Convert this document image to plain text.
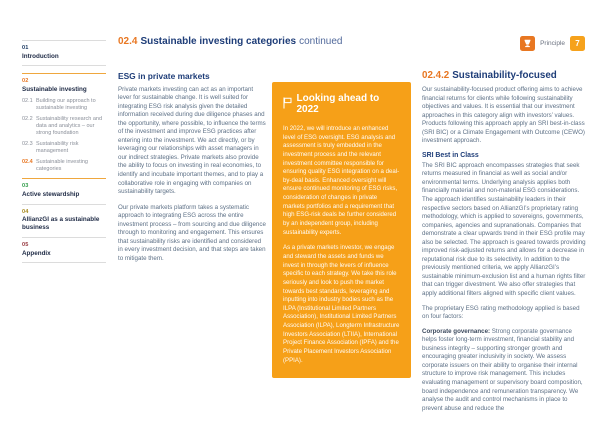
01
Introduction
02
Sustainable investing
02.1 Building our approach to sustainable investing
02.2 Sustainability research and data and analytics – our strong foundation
02.3 Sustainability risk management
02.4 Sustainable investing categories
03
Active stewardship
04
AllianzGI as a sustainable business
05
Appendix
02.4 Sustainable investing categories continued	Principle	7
ESG in private markets

Private markets investing can act as an important lever for sustainable change. It is well suited for integrating ESG risk analysis given the detailed information received during due diligence phases and the opportunity, where possible, to influence the terms of the investment and improve ESG practices after entering into the investment. We act directly, or by leveraging our relationships with asset managers in our indirect strategies. Private markets also provide the ability to focus on investing in real economies, to identify and incubate important themes, and to play a collaborative role in engaging with companies on sustainability targets.

Our private markets platform takes a systematic approach to integrating ESG across the entire investment process – from sourcing and due diligence through to monitoring and engagement. This ensures that sustainability risks are identified and considered in every investment decision, and that steps are taken to mitigate them.

Looking ahead to 2022

In 2022, we will introduce an enhanced level of ESG oversight. ESG analysis and assessment is truly embedded in the investment process and the relevant investment committee responsible for ensuring quality ESG integration on a deal-by-deal basis. Enhanced oversight will ensure continued monitoring of ESG risks, consideration of changes in private markets portfolios and a requirement that high ESG-risk deals be further considered by an independent group, including sustainability experts.

As a private markets investor, we engage and steward the assets and funds we invest in through the levers of influence specific to each strategy. We take this role seriously and look to push the market towards best standards, leveraging and inputting into industry bodies such as the ILPA (Institutional Limited Partners Association), Institutional Limited Partners Association (ILPA), Longterm Infrastructure Investors Association (LTIIA), International Project Finance Association (IPFA) and the Private Placement Investors Association (PPIA).

02.4.2 Sustainability-focused

Our sustainability-focused product offering aims to achieve financial returns for clients while following sustainability objectives and values. It is essential that our investment approaches in this category align with investors’ values. Products following this approach apply an SRI best-in-class (SRI BIC) or a Climate Engagement with Outcome (CEWO) investment approach.

SRI Best in Class

The SRI BIC approach encompasses strategies that seek returns measured in financial as well as social and/or environmental terms. Underlying analysis applies both financially material and non-material ESG considerations. The approach identifies sustainability leaders in their respective sectors based on AllianzGI’s proprietary rating methodology, which is applied to sovereigns, governments, companies, agencies and supranationals. Companies that demonstrate a clear upwards trend in their ESG profile may also be selected. The approach is geared towards providing improved risk-adjusted returns and allows for a decrease in reputational risk due to its selectivity. In addition to the previously mentioned criteria, we apply AllianzGI’s sustainable minimum-exclusion list and a human rights filter that can trigger divestment. We also offer strategies that apply additional filters aligned with specific client values.

The proprietary ESG rating methodology applied is based on four factors:

Corporate governance: Strong corporate governance helps foster long-term investment, financial stability and business integrity – supporting stronger growth and encouraging greater inclusivity in society. We assess corporate issuers on their ability to organise their internal structure to improve risk management. This includes evaluating management or supervisory board composition, board independence and remuneration transparency. We analyse the audit and control mechanisms in place to prevent abuse and reduce the
